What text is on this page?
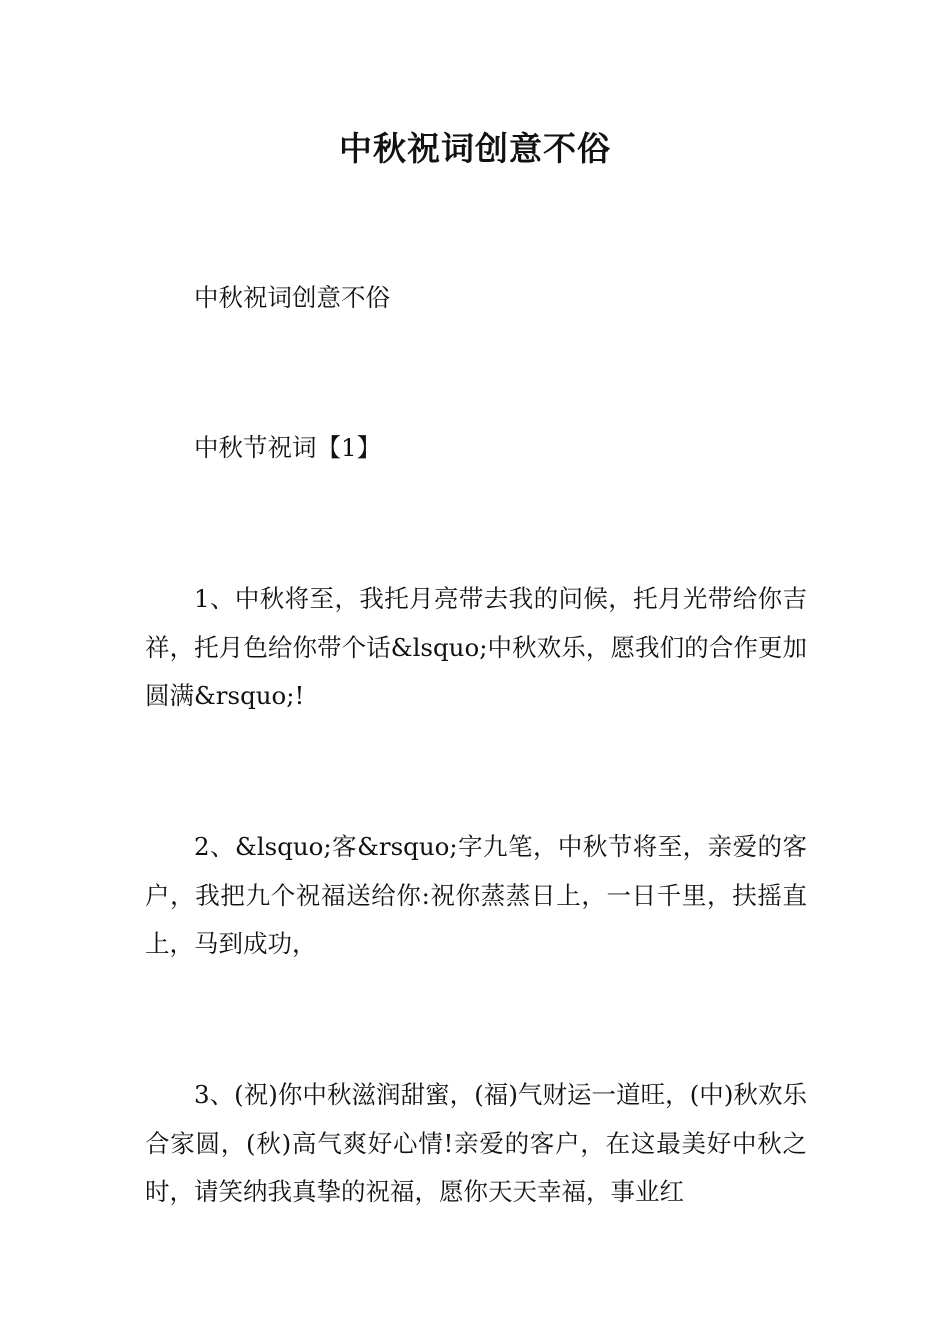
中秋祝词创意不俗

中秋祝词创意不俗

中秋节祝词【1】

1、中秋将至，我托月亮带去我的问候，托月光带给你吉祥，托月色给你带个话&lsquo;中秋欢乐，愿我们的合作更加圆满&rsquo;!

2、&lsquo;客&rsquo;字九笔，中秋节将至，亲爱的客户，我把九个祝福送给你:祝你蒸蒸日上，一日千里，扶摇直上，马到成功，

3、(祝)你中秋滋润甜蜜，(福)气财运一道旺，(中)秋欢乐合家圆，(秋)高气爽好心情!亲爱的客户，在这最美好中秋之时，请笑纳我真挚的祝福，愿你天天幸福，事业红
